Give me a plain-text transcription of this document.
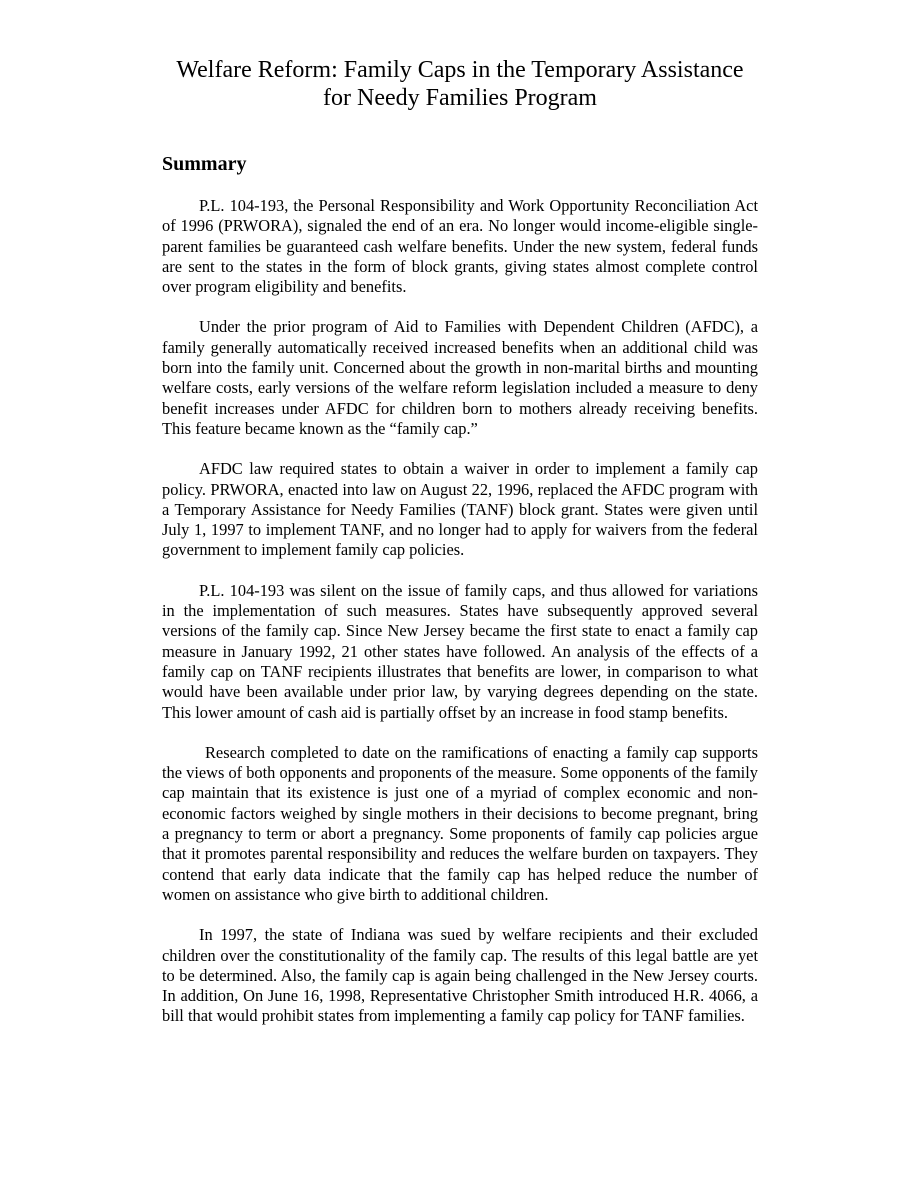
Welfare Reform: Family Caps in the Temporary Assistance
for Needy Families Program
Summary

P.L. 104-193, the Personal Responsibility and Work Opportunity Reconciliation Act of 1996 (PRWORA), signaled the end of an era. No longer would income-eligible single-parent families be guaranteed cash welfare benefits. Under the new system, federal funds are sent to the states in the form of block grants, giving states almost complete control over program eligibility and benefits.

Under the prior program of Aid to Families with Dependent Children (AFDC), a family generally automatically received increased benefits when an additional child was born into the family unit. Concerned about the growth in non-marital births and mounting welfare costs, early versions of the welfare reform legislation included a measure to deny benefit increases under AFDC for children born to mothers already receiving benefits. This feature became known as the “family cap.”

AFDC law required states to obtain a waiver in order to implement a family cap policy. PRWORA, enacted into law on August 22, 1996, replaced the AFDC program with a Temporary Assistance for Needy Families (TANF) block grant. States were given until July 1, 1997 to implement TANF, and no longer had to apply for waivers from the federal government to implement family cap policies.

P.L. 104-193 was silent on the issue of family caps, and thus allowed for variations in the implementation of such measures. States have subsequently approved several versions of the family cap. Since New Jersey became the first state to enact a family cap measure in January 1992, 21 other states have followed. An analysis of the effects of a family cap on TANF recipients illustrates that benefits are lower, in comparison to what would have been available under prior law, by varying degrees depending on the state. This lower amount of cash aid is partially offset by an increase in food stamp benefits.

Research completed to date on the ramifications of enacting a family cap supports the views of both opponents and proponents of the measure. Some opponents of the family cap maintain that its existence is just one of a myriad of complex economic and non-economic factors weighed by single mothers in their decisions to become pregnant, bring a pregnancy to term or abort a pregnancy. Some proponents of family cap policies argue that it promotes parental responsibility and reduces the welfare burden on taxpayers. They contend that early data indicate that the family cap has helped reduce the number of women on assistance who give birth to additional children.

In 1997, the state of Indiana was sued by welfare recipients and their excluded children over the constitutionality of the family cap. The results of this legal battle are yet to be determined. Also, the family cap is again being challenged in the New Jersey courts. In addition, On June 16, 1998, Representative Christopher Smith introduced H.R. 4066, a bill that would prohibit states from implementing a family cap policy for TANF families.
